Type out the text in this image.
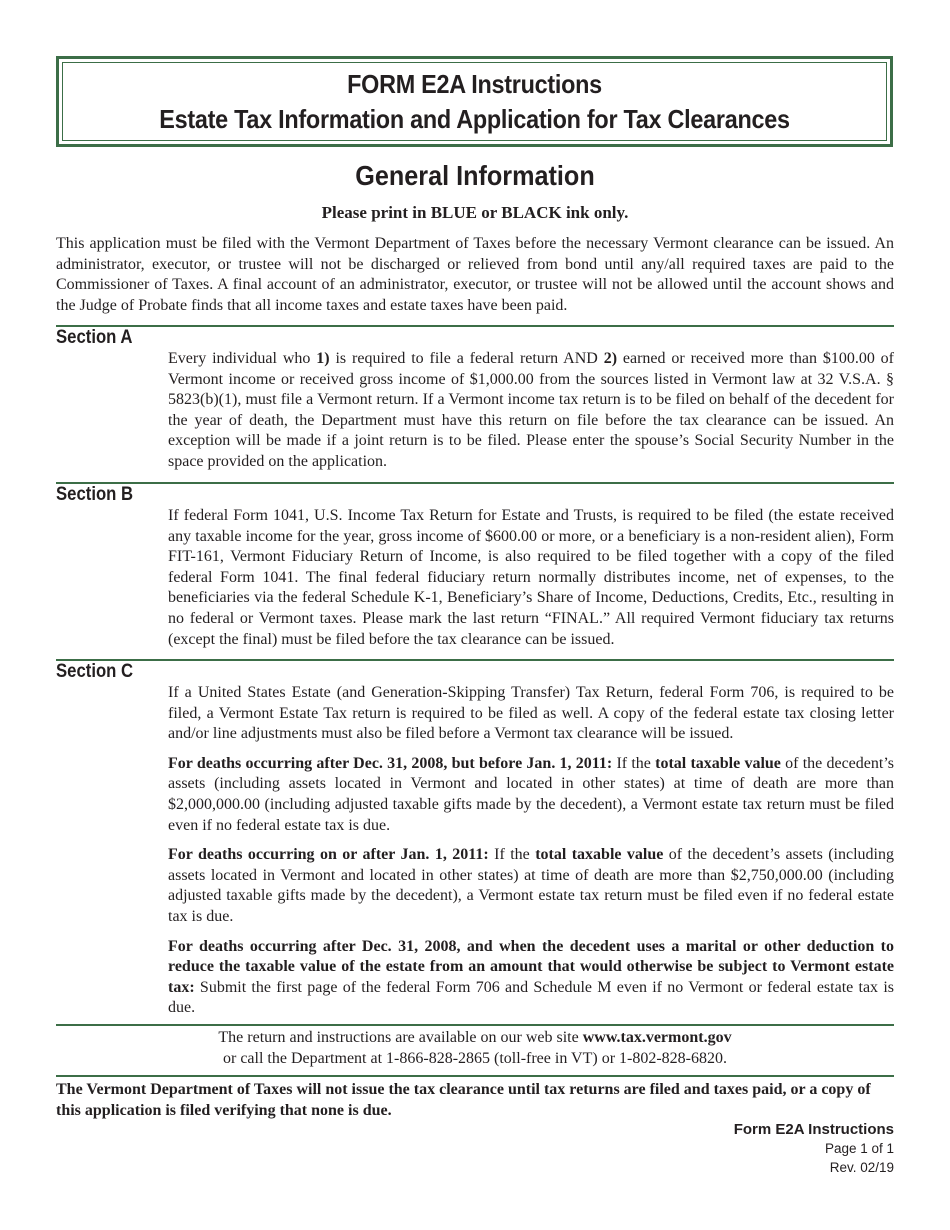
FORM E2A Instructions
Estate Tax Information and Application for Tax Clearances
General Information
Please print in BLUE or BLACK ink only.
This application must be filed with the Vermont Department of Taxes before the necessary Vermont clearance can be issued. An administrator, executor, or trustee will not be discharged or relieved from bond until any/all required taxes are paid to the Commissioner of Taxes. A final account of an administrator, executor, or trustee will not be allowed until the account shows and the Judge of Probate finds that all income taxes and estate taxes have been paid.
Section A

Every individual who 1) is required to file a federal return AND 2) earned or received more than $100.00 of Vermont income or received gross income of $1,000.00 from the sources listed in Vermont law at 32 V.S.A. § 5823(b)(1), must file a Vermont return. If a Vermont income tax return is to be filed on behalf of the decedent for the year of death, the Department must have this return on file before the tax clearance can be issued. An exception will be made if a joint return is to be filed. Please enter the spouse’s Social Security Number in the space provided on the application.

Section B

If federal Form 1041, U.S. Income Tax Return for Estate and Trusts, is required to be filed (the estate received any taxable income for the year, gross income of $600.00 or more, or a beneficiary is a non-resident alien), Form FIT-161, Vermont Fiduciary Return of Income, is also required to be filed together with a copy of the filed federal Form 1041. The final federal fiduciary return normally distributes income, net of expenses, to the beneficiaries via the federal Schedule K-1, Beneficiary’s Share of Income, Deductions, Credits, Etc., resulting in no federal or Vermont taxes. Please mark the last return “FINAL.” All required Vermont fiduciary tax returns (except the final) must be filed before the tax clearance can be issued.

Section C

If a United States Estate (and Generation-Skipping Transfer) Tax Return, federal Form 706, is required to be filed, a Vermont Estate Tax return is required to be filed as well. A copy of the federal estate tax closing letter and/or line adjustments must also be filed before a Vermont tax clearance will be issued.

For deaths occurring after Dec. 31, 2008, but before Jan. 1, 2011: If the total taxable value of the decedent’s assets (including assets located in Vermont and located in other states) at time of death are more than $2,000,000.00 (including adjusted taxable gifts made by the decedent), a Vermont estate tax return must be filed even if no federal estate tax is due.

For deaths occurring on or after Jan. 1, 2011: If the total taxable value of the decedent’s assets (including assets located in Vermont and located in other states) at time of death are more than $2,750,000.00 (including adjusted taxable gifts made by the decedent), a Vermont estate tax return must be filed even if no federal estate tax is due.

For deaths occurring after Dec. 31, 2008, and when the decedent uses a marital or other deduction to reduce the taxable value of the estate from an amount that would otherwise be subject to Vermont estate tax: Submit the first page of the federal Form 706 and Schedule M even if no Vermont or federal estate tax is due.

The return and instructions are available on our web site www.tax.vermont.gov
or call the Department at 1-866-828-2865 (toll-free in VT) or 1-802-828-6820.
The Vermont Department of Taxes will not issue the tax clearance until tax returns are filed and taxes paid, or a copy of this application is filed verifying that none is due.
Form E2A Instructions
Page 1 of 1
Rev. 02/19
